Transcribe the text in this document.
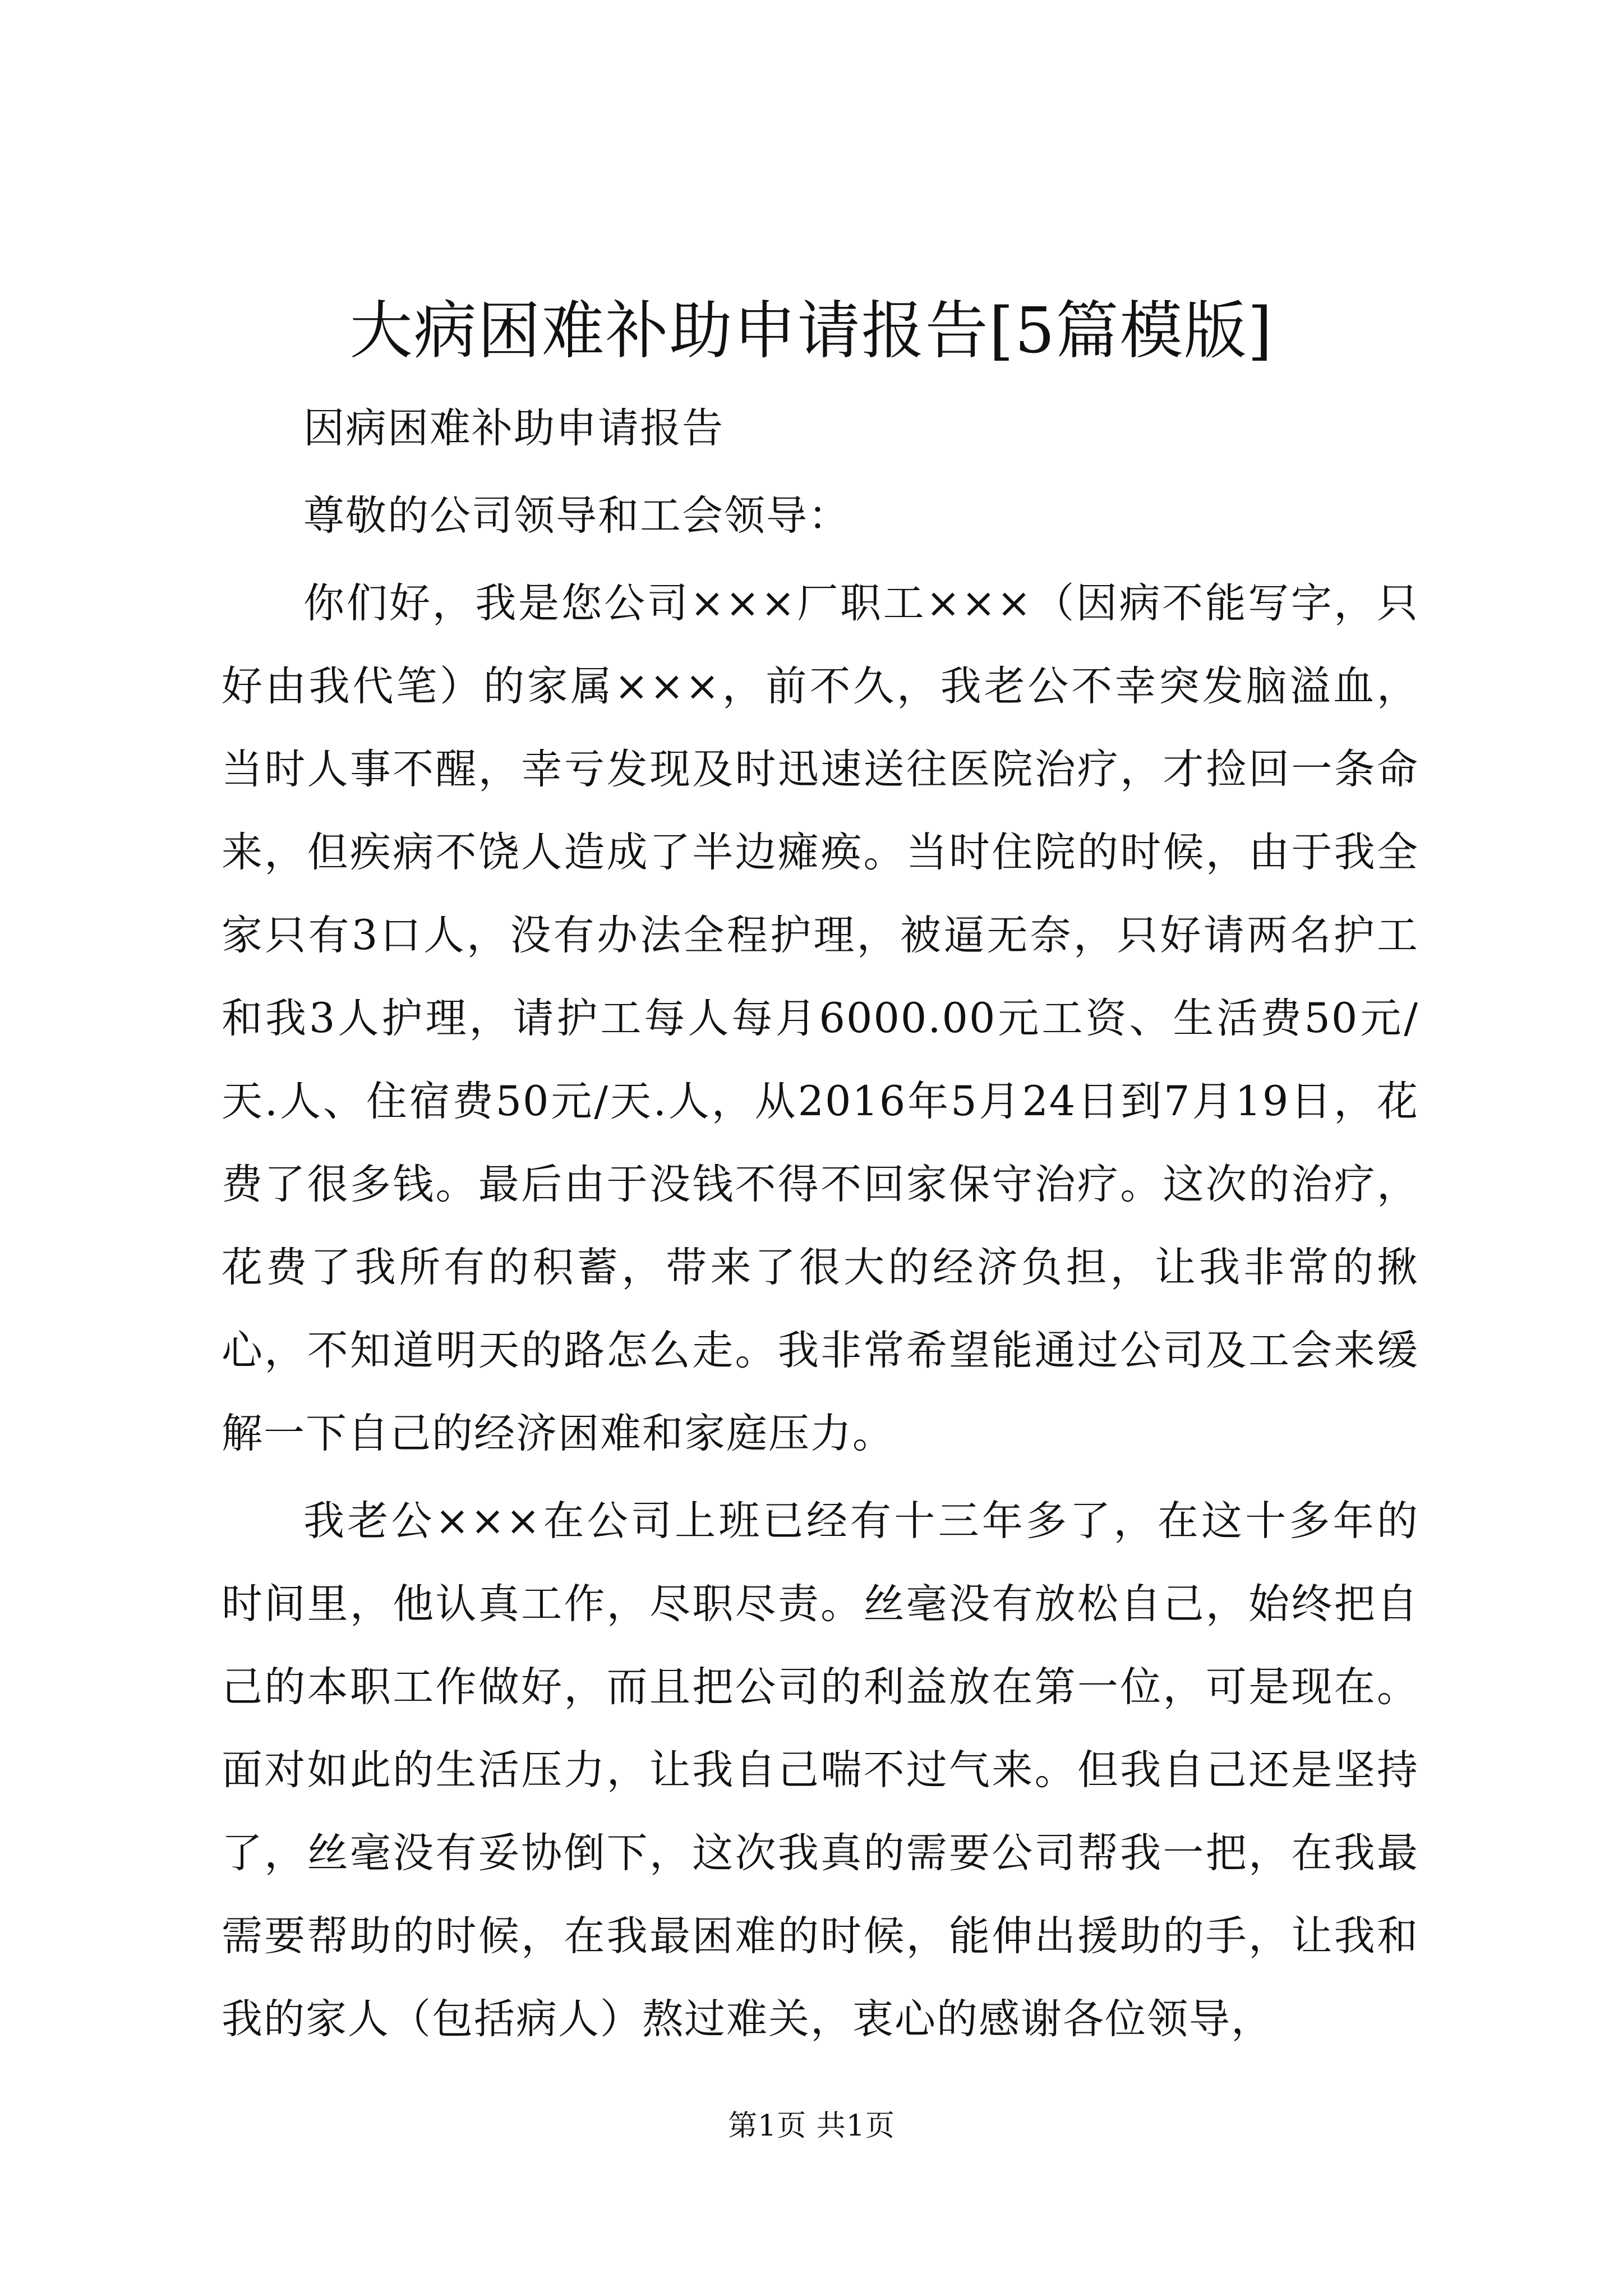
大病困难补助申请报告[5篇模版]

因病困难补助申请报告

尊敬的公司领导和工会领导：

你们好，我是您公司×××厂职工×××（因病不能写字，只好由我代笔）的家属×××，前不久，我老公不幸突发脑溢血，当时人事不醒，幸亏发现及时迅速送往医院治疗，才捡回一条命来，但疾病不饶人造成了半边瘫痪。当时住院的时候，由于我全家只有3口人，没有办法全程护理，被逼无奈，只好请两名护工和我3人护理，请护工每人每月6000.00元工资、生活费50元/天.人、住宿费50元/天.人，从2016年5月24日到7月19日，花费了很多钱。最后由于没钱不得不回家保守治疗。这次的治疗，花费了我所有的积蓄，带来了很大的经济负担，让我非常的揪心，不知道明天的路怎么走。我非常希望能通过公司及工会来缓解一下自己的经济困难和家庭压力。

我老公×××在公司上班已经有十三年多了，在这十多年的时间里，他认真工作，尽职尽责。丝毫没有放松自己，始终把自己的本职工作做好，而且把公司的利益放在第一位，可是现在。面对如此的生活压力，让我自己喘不过气来。但我自己还是坚持了，丝毫没有妥协倒下，这次我真的需要公司帮我一把，在我最需要帮助的时候，在我最困难的时候，能伸出援助的手，让我和我的家人（包括病人）熬过难关，衷心的感谢各位领导，

第1页 共1页
